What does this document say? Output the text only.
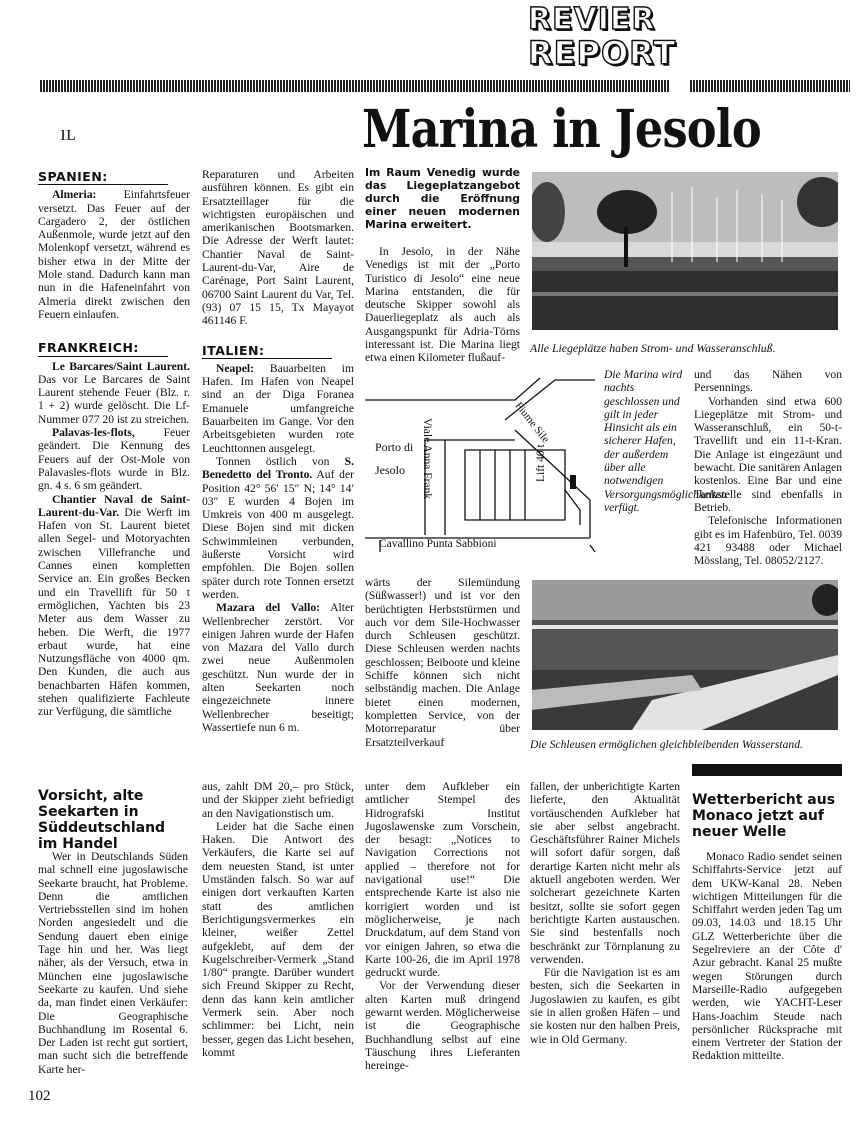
REVIER
REPORT
ıʟ	Marina in Jesolo
SPANIEN:

Almeria: Einfahrtsfeuer versetzt. Das Feuer auf der Cargadero 2, der östlichen Außenmole, wurde jetzt auf den Molenkopf versetzt, während es bisher etwa in der Mitte der Mole stand. Dadurch kann man nun in die Hafeneinfahrt von Almeria direkt zwischen den Feuern einlaufen.

FRANKREICH:

Le Barcares/Saint Laurent. Das vor Le Barcares de Saint Laurent stehende Feuer (Blz. r. 1 + 2) wurde gelöscht. Die Lf-Nummer 077 20 ist zu streichen.

Palavas-les-flots, Feuer geändert. Die Kennung des Feuers auf der Ost-Mole von Palavasles-flots wurde in Blz. gn. 4 s. 6 sm geändert.

Chantier Naval de Saint-Laurent-du-Var. Die Werft im Hafen von St. Laurent bietet allen Segel- und Motoryachten zwischen Villefranche und Cannes einen kompletten Service an. Ein großes Becken und ein Travellift für 50 t ermöglichen, Yachten bis 23 Meter aus dem Wasser zu heben. Die Werft, die 1977 erbaut wurde, hat eine Nutzungsfläche von 4000 qm. Den Kunden, die auch aus benachbarten Häfen kommen, stehen qualifizierte Fachleute zur Verfügung, die sämtliche

Reparaturen und Arbeiten ausführen können. Es gibt ein Ersatzteillager für die wichtigsten europäischen und amerikanischen Bootsmarken. Die Adresse der Werft lautet: Chantier Naval de Saint-Laurent-du-Var, Aire de Carénage, Port Saint Laurent, 06700 Saint Laurent du Var, Tel. (93) 07 15 15, Tx Mayayot 461146 F.

ITALIEN:

Neapel: Bauarbeiten im Hafen. Im Hafen von Neapel sind an der Diga Foranea Emanuele umfangreiche Bauarbeiten im Gange. Vor den Arbeitsgebieten wurden rote Leuchttonnen ausgelegt.

Tonnen östlich von S. Benedetto del Tronto. Auf der Position 42° 56′ 15″ N; 14° 14′ 03″ E wurden 4 Bojen im Umkreis von 400 m ausgelegt. Diese Bojen sind mit dicken Schwimmleinen verbunden, äußerste Vorsicht wird empfohlen. Die Bojen sollen später durch rote Tonnen ersetzt werden.

Mazara del Vallo: Alter Wellenbrecher zerstört. Vor einigen Jahren wurde der Hafen von Mazara del Vallo durch zwei neue Außenmolen geschützt. Nun wurde der in alten Seekarten noch eingezeichnete innere Wellenbrecher beseitigt; Wassertiefe nun 6 m.

Im Raum Venedig wurde das Liegeplatzangebot durch die Eröffnung einer neuen modernen Marina erweitert.

In Jesolo, in der Nähe Venedigs ist mit der „Porto Turistico di Jesolo“ eine neue Marina entstanden, die für deutsche Skipper sowohl als Dauerliegeplatz als auch als Ausgangspunkt für Adria-Törns interessant ist. Die Marina liegt etwa einen Kilometer flußauf-

Alle Liegeplätze haben Strom- und Wasseranschluß.
Porto di
Jesolo Viale Anna Frank	Lift 40 t
Fiume Sile
Cavallino Punta Sabbioni
Die Marina wird nachts geschlossen und gilt in jeder Hinsicht als ein sicherer Hafen, der außerdem über alle notwendigen Versorgungsmöglichkeiten verfügt.

und das Nähen von Persennings.

Vorhanden sind etwa 600 Liegeplätze mit Strom- und Wasseranschluß, ein 50-t-Travellift und ein 11-t-Kran. Die Anlage ist eingezäunt und bewacht. Die sanitären Anlagen kostenlos. Eine Bar und eine Tankstelle sind ebenfalls in Betrieb.

Telefonische Informationen gibt es im Hafenbüro, Tel. 0039 421 93488 oder Michael Mösslang, Tel. 08052/2127.

wärts der Silemündung (Süßwasser!) und ist vor den berüchtigten Herbststürmen und auch vor dem Sile-Hochwasser durch Schleusen geschützt. Diese Schleusen werden nachts geschlossen; Beiboote und kleine Schiffe können sich nicht selbständig machen. Die Anlage bietet einen modernen, kompletten Service, von der Motorreparatur über Ersatzteilverkauf	Die Schleusen ermöglichen gleichbleibenden Wasserstand.
Vorsicht, alte Seekarten in Süddeutschland im Handel

Wer in Deutschlands Süden mal schnell eine jugoslawische Seekarte braucht, hat Probleme. Denn die amtlichen Vertriebsstellen sind im hohen Norden angesiedelt und die Sendung dauert eben einige Tage hin und her. Was liegt näher, als der Versuch, etwa in München eine jugoslawische Seekarte zu kaufen. Und siehe da, man findet einen Verkäufer: Die Geographische Buchhandlung im Rosental 6. Der Laden ist recht gut sortiert, man sucht sich die betreffende Karte her-

aus, zahlt DM 20,– pro Stück, und der Skipper zieht befriedigt an den Navigationstisch um.

Leider hat die Sache einen Haken. Die Antwort des Verkäufers, die Karte sei auf dem neuesten Stand, ist unter Umständen falsch. So war auf einigen dort verkauften Karten statt des amtlichen Berichtigungsvermerkes ein kleiner, weißer Zettel aufgeklebt, auf dem der Kugelschreiber-Vermerk „Stand 1/80“ prangte. Darüber wundert sich Freund Skipper zu Recht, denn das kann kein amtlicher Vermerk sein. Aber noch schlimmer: bei Licht, nein besser, gegen das Licht besehen, kommt

unter dem Aufkleber ein amtlicher Stempel des Hidrografski Institut Jugoslawenske zum Vorschein, der besagt: „Notices to Navigation Corrections not applied – therefore not for navigational use!“ Die entsprechende Karte ist also nie korrigiert worden und ist möglicherweise, je nach Druckdatum, auf dem Stand von vor einigen Jahren, so etwa die Karte 100-26, die im April 1978 gedruckt wurde.

Vor der Verwendung dieser alten Karten muß dringend gewarnt werden. Möglicherweise ist die Geographische Buchhandlung selbst auf eine Täuschung ihres Lieferanten hereinge-

fallen, der unberichtigte Karten lieferte, den Aktualität vortäuschenden Aufkleber hat sie aber selbst angebracht. Geschäftsführer Rainer Michels will sofort dafür sorgen, daß derartige Karten nicht mehr als aktuell angeboten werden. Wer solcherart gezeichnete Karten besitzt, sollte sie sofort gegen berichtigte Karten austauschen. Sie sind bestenfalls noch beschränkt zur Törnplanung zu verwenden.

Für die Navigation ist es am besten, sich die Seekarten in Jugoslawien zu kaufen, es gibt sie in allen großen Häfen – und sie kosten nur den halben Preis, wie in Old Germany.

Wetterbericht aus Monaco jetzt auf neuer Welle

Monaco Radio sendet seinen Schiffahrts-Service jetzt auf dem UKW-Kanal 28. Neben wichtigen Mitteilungen für die Schiffahrt werden jeden Tag um 09.03, 14.03 und 18.15 Uhr GLZ Wetterberichte über die Segelreviere an der Côte d' Azur gebracht. Kanal 25 mußte wegen Störungen durch Marseille-Radio aufgegeben werden, wie YACHT-Leser Hans-Joachim Steude nach persönlicher Rücksprache mit einem Vertreter der Station der Redaktion mitteilte.

102
